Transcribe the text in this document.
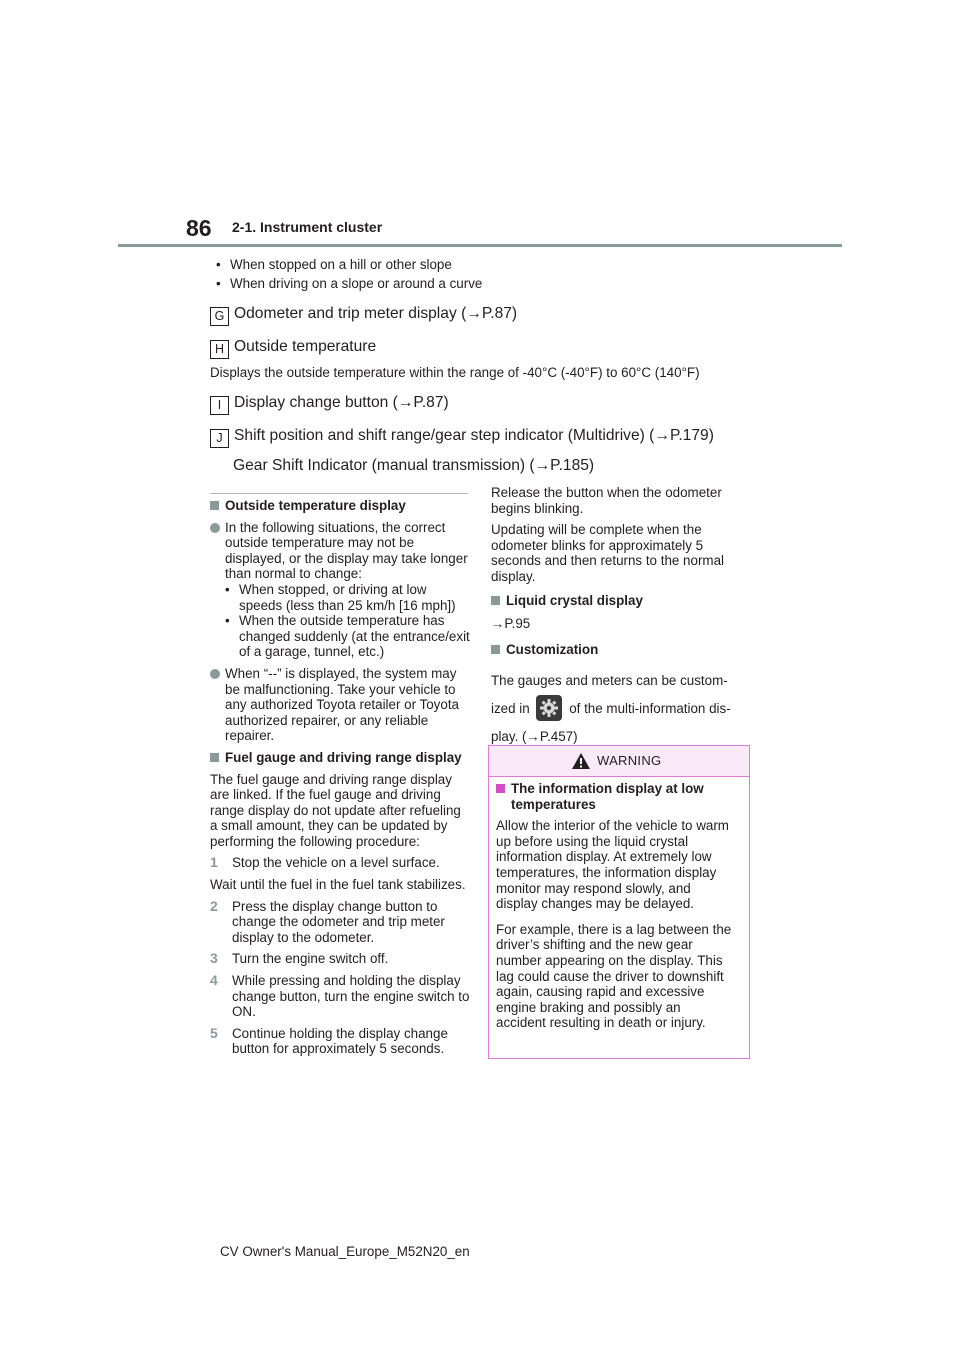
86 2-1. Instrument cluster
• When stopped on a hill or other slope
• When driving on a slope or around a curve
G Odometer and trip meter display (→P.87)
H Outside temperature
Displays the outside temperature within the range of -40°C (-40°F) to 60°C (140°F)
I Display change button (→P.87)
J Shift position and shift range/gear step indicator (Multidrive) (→P.179)
Gear Shift Indicator (manual transmission) (→P.185)
Outside temperature display
In the following situations, the correct outside temperature may not be displayed, or the display may take longer than normal to change:
• When stopped, or driving at low speeds (less than 25 km/h [16 mph])
• When the outside temperature has changed suddenly (at the entrance/exit of a garage, tunnel, etc.)
When “--” is displayed, the system may be malfunctioning. Take your vehicle to any authorized Toyota retailer or Toyota authorized repairer, or any reliable repairer.
Fuel gauge and driving range display
The fuel gauge and driving range display are linked. If the fuel gauge and driving range display do not update after refueling a small amount, they can be updated by performing the following procedure:
1	Stop the vehicle on a level surface.
Wait until the fuel in the fuel tank stabilizes.
2	Press the display change button to change the odometer and trip meter display to the odometer.
3	Turn the engine switch off.
4	While pressing and holding the display change button, turn the engine switch to ON.
5	Continue holding the display change button for approximately 5 seconds.
Release the button when the odometer begins blinking.
Updating will be complete when the odometer blinks for approximately 5 seconds and then returns to the normal display.
Liquid crystal display
→P.95
Customization
The gauges and meters can be custom-
ized in	of the multi-information dis-
play. (→P.457)
WARNING
The information display at low temperatures
Allow the interior of the vehicle to warm up before using the liquid crystal information display. At extremely low temperatures, the information display monitor may respond slowly, and display changes may be delayed.
For example, there is a lag between the driver’s shifting and the new gear number appearing on the display. This lag could cause the driver to downshift again, causing rapid and excessive engine braking and possibly an accident resulting in death or injury.
CV Owner's Manual_Europe_M52N20_en
